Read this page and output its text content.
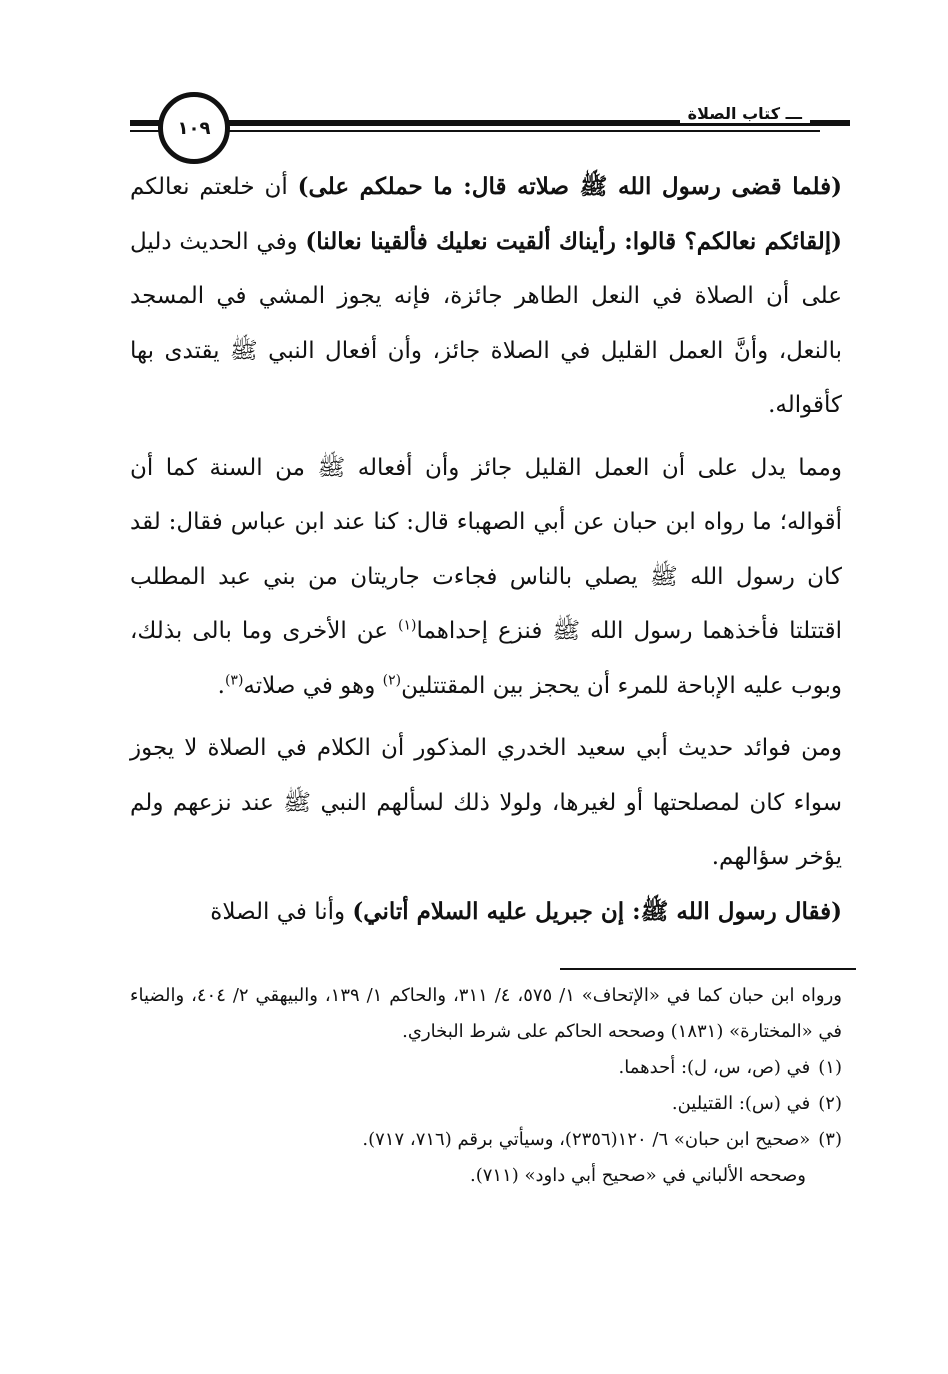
ـــ كتاب الصلاة
١٠٩

(فلما قضى رسول الله ﷺ صلاته قال: ما حملكم على) أن خلعتم نعالكم (إلقائكم نعالكم؟ قالوا: رأيناك ألقيت نعليك فألقينا نعالنا) وفي الحديث دليل على أن الصلاة في النعل الطاهر جائزة، فإنه يجوز المشي في المسجد بالنعل، وأنَّ العمل القليل في الصلاة جائز، وأن أفعال النبي ﷺ يقتدى بها كأقواله.

ومما يدل على أن العمل القليل جائز وأن أفعاله ﷺ من السنة كما أن أقواله؛ ما رواه ابن حبان عن أبي الصهباء قال: كنا عند ابن عباس فقال: لقد كان رسول الله ﷺ يصلي بالناس فجاءت جاريتان من بني عبد المطلب اقتتلتا فأخذهما رسول الله ﷺ فنزع إحداهما$^{(١)}$ عن الأخرى وما بالى بذلك، وبوب عليه الإباحة للمرء أن يحجز بين المقتتلين$^{(٢)}$ وهو في صلاته$^{(٣)}$.

ومن فوائد حديث أبي سعيد الخدري المذكور أن الكلام في الصلاة لا يجوز سواء كان لمصلحتها أو لغيرها، ولولا ذلك لسألهم النبي ﷺ عند نزعهم ولم يؤخر سؤالهم.

(فقال رسول الله ﷺ: إن جبريل عليه السلام أتاني) وأنا في الصلاة

ورواه ابن حبان كما في «الإتحاف» ١/ ٥٧٥، ٤/ ٣١١، والحاكم ١/ ١٣٩، والبيهقي ٢/ ٤٠٤، والضياء في «المختارة» (١٨٣١) وصححه الحاكم على شرط البخاري.

(١)في (ص، س، ل): أحدهما.

(٢)في (س): القتيلين.

(٣)«صحيح ابن حبان» ٦/ ١٢٠(٢٣٥٦)، وسيأتي برقم (٧١٦، ٧١٧).

وصححه الألباني في «صحيح أبي داود» (٧١١).
